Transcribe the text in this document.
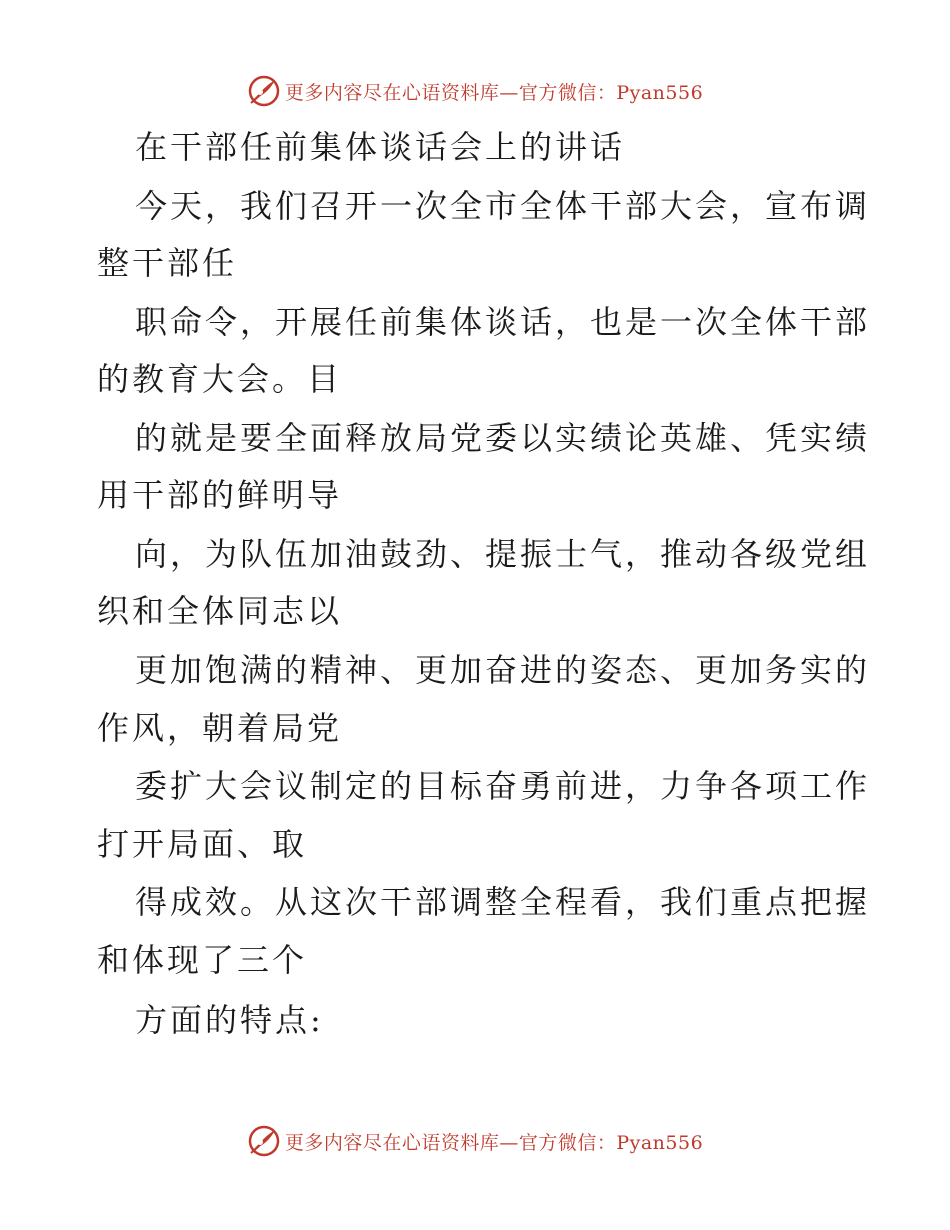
更多内容尽在心语资料库—官方微信：Pyan556
在干部任前集体谈话会上的讲话
今天，我们召开一次全市全体干部大会，宣布调
整干部任
职命令，开展任前集体谈话，也是一次全体干部
的教育大会。目
的就是要全面释放局党委以实绩论英雄、凭实绩
用干部的鲜明导
向，为队伍加油鼓劲、提振士气，推动各级党组
织和全体同志以
更加饱满的精神、更加奋进的姿态、更加务实的
作风，朝着局党
委扩大会议制定的目标奋勇前进，力争各项工作
打开局面、取
得成效。从这次干部调整全程看，我们重点把握
和体现了三个
方面的特点:
更多内容尽在心语资料库—官方微信：Pyan556
